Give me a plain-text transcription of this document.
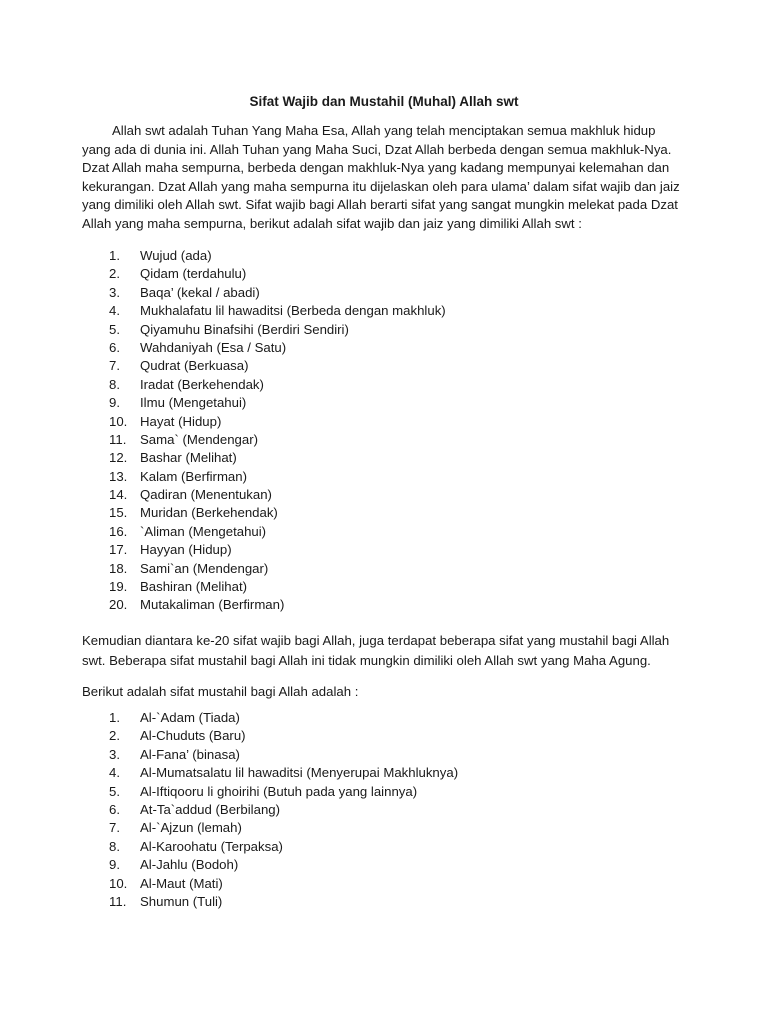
Sifat Wajib dan Mustahil (Muhal) Allah swt

Allah swt adalah Tuhan Yang Maha Esa, Allah yang telah menciptakan semua makhluk hidup yang ada di dunia ini. Allah Tuhan yang Maha Suci, Dzat Allah berbeda dengan semua makhluk-Nya. Dzat Allah maha sempurna, berbeda dengan makhluk-Nya yang kadang mempunyai kelemahan dan kekurangan. Dzat Allah yang maha sempurna itu dijelaskan oleh para ulama’ dalam sifat wajib dan jaiz yang dimiliki oleh Allah swt. Sifat wajib bagi Allah berarti sifat yang sangat mungkin melekat pada Dzat Allah yang maha sempurna, berikut adalah sifat wajib dan jaiz yang dimiliki Allah swt :

1. Wujud (ada)
2. Qidam (terdahulu)
3. Baqa’ (kekal / abadi)
4. Mukhalafatu lil hawaditsi (Berbeda dengan makhluk)
5. Qiyamuhu Binafsihi (Berdiri Sendiri)
6. Wahdaniyah (Esa / Satu)
7. Qudrat (Berkuasa)
8. Iradat (Berkehendak)
9. Ilmu (Mengetahui)
10. Hayat (Hidup)
11. Sama` (Mendengar)
12. Bashar (Melihat)
13. Kalam (Berfirman)
14. Qadiran (Menentukan)
15. Muridan (Berkehendak)
16. `Aliman (Mengetahui)
17. Hayyan (Hidup)
18. Sami`an (Mendengar)
19. Bashiran (Melihat)
20. Mutakaliman (Berfirman)

Kemudian diantara ke-20 sifat wajib bagi Allah, juga terdapat beberapa sifat yang mustahil bagi Allah swt. Beberapa sifat mustahil bagi Allah ini tidak mungkin dimiliki oleh Allah swt yang Maha Agung.

Berikut adalah sifat mustahil bagi Allah adalah :

1. Al-`Adam (Tiada)
2. Al-Chuduts (Baru)
3. Al-Fana’ (binasa)
4. Al-Mumatsalatu lil hawaditsi (Menyerupai Makhluknya)
5. Al-Iftiqooru li ghoirihi (Butuh pada yang lainnya)
6. At-Ta`addud (Berbilang)
7. Al-`Ajzun (lemah)
8. Al-Karoohatu (Terpaksa)
9. Al-Jahlu (Bodoh)
10. Al-Maut (Mati)
11. Shumun (Tuli)
